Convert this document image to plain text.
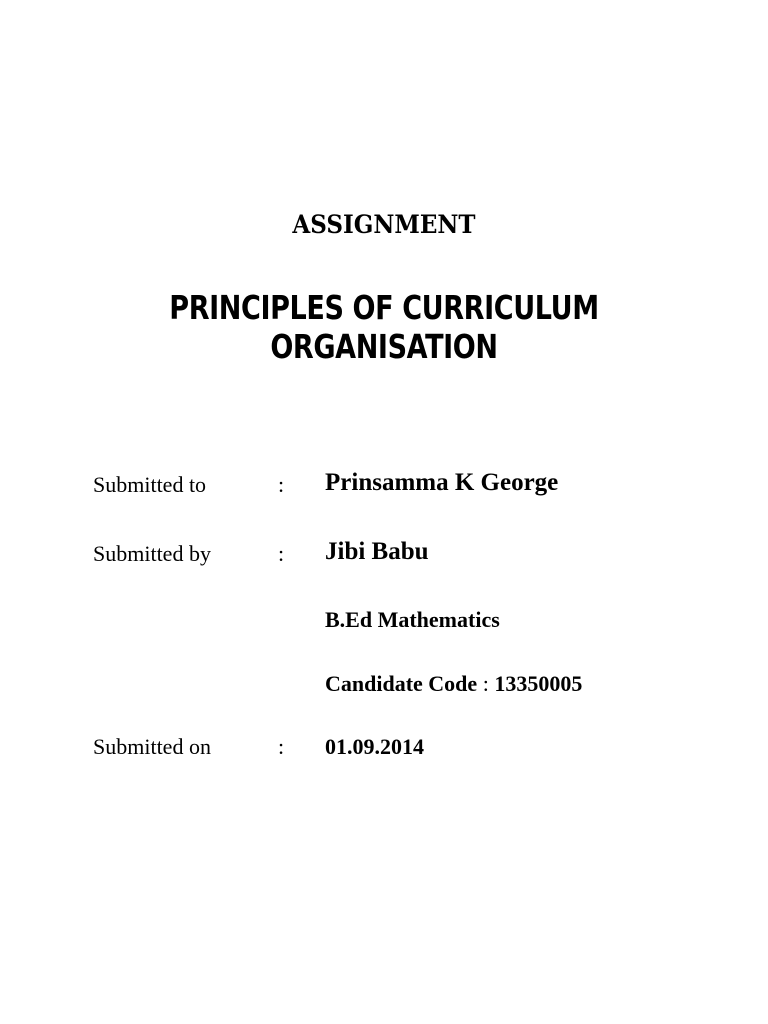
ASSIGNMENT
PRINCIPLES OF CURRICULUM ORGANISATION
Submitted to	: Prinsamma K George
Submitted by	: Jibi Babu
B.Ed Mathematics
Candidate Code : 13350005
Submitted on	: 01.09.2014
